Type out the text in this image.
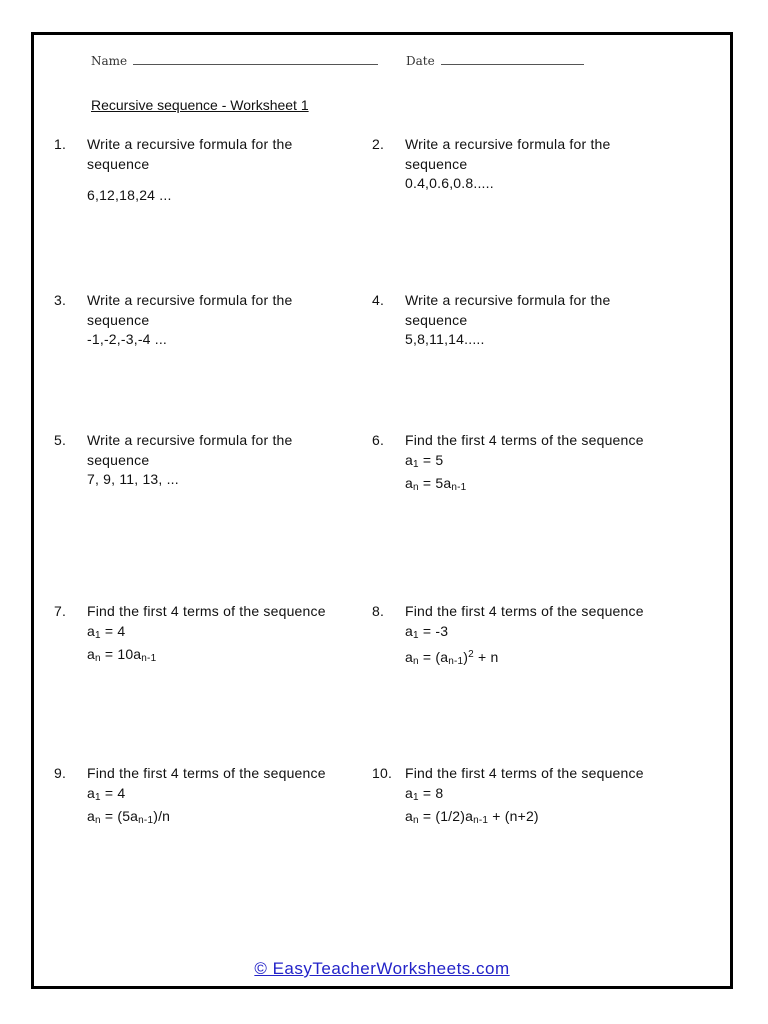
Name	Date
Recursive sequence - Worksheet 1
1. Write a recursive formula for the
sequence
6,12,18,24 ...
2. Write a recursive formula for the
sequence
0.4,0.6,0.8.....
3. Write a recursive formula for the
sequence
-1,-2,-3,-4 ...
4. Write a recursive formula for the
sequence
5,8,11,14.....
5. Write a recursive formula for the
sequence
7, 9, 11, 13, ...
6. Find the first 4 terms of the sequence
$a_1 = 5$
$a_n = 5a_{n-1}$
7. Find the first 4 terms of the sequence
$a_1 = 4$
$a_n = 10a_{n-1}$
8. Find the first 4 terms of the sequence
$a_1 = -3$
$a_n = (a_{n-1})^2 + n$
9. Find the first 4 terms of the sequence
$a_1 = 4$
$a_n = (5a_{n-1})/n$
10. Find the first 4 terms of the sequence
$a_1 = 8$
$a_n = (1/2)a_{n-1} + (n+2)$
© EasyTeacherWorksheets.com
